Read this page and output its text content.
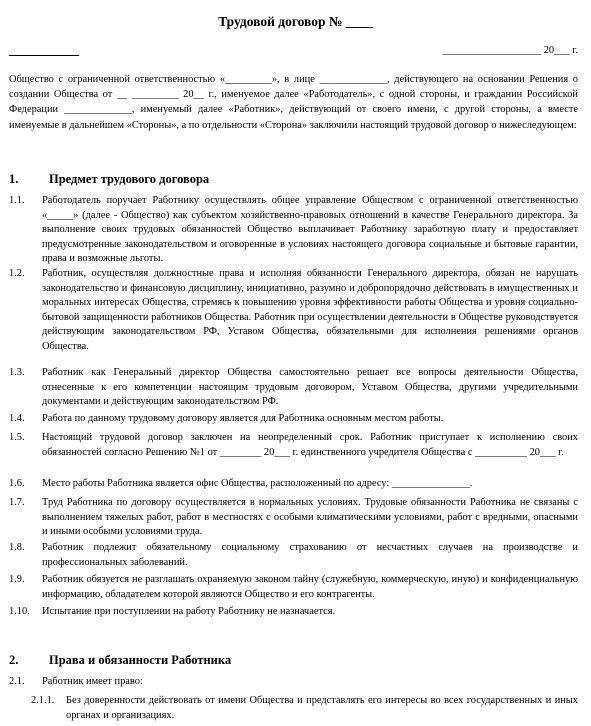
Трудовой договор № ____
___________________ 20___ г.
Общество с ограниченной ответственностью «_________», в лице _____________, действующего на основании Решения о создании Общества от __ _________ 20__ г., именуемое далее «Работодатель», с одной стороны, и гражданин Российской Федерации _____________, именуемый далее «Работник», действующий от своего имени, с другой стороны, а вместе именуемые в дальнейшем «Стороны», а по отдельности «Сторона» заключили настоящий трудовой договор о нижеследующем:
1. Предмет трудового договора
1.1. Работодатель поручает Работнику осуществлять общее управление Обществом с ограниченной ответственностью «_____» (далее - Общество) как субъектом хозяйственно-правовых отношений в качестве Генерального директора. За выполнение своих трудовых обязанностей Общество выплачивает Работнику заработную плату и предоставляет предусмотренные законодательством и оговоренные в условиях настоящего договора социальные и бытовые гарантии, права и возможные льготы.
1.2. Работник, осуществляя должностные права и исполняя обязанности Генерального директора, обязан не нарушать законодательство и финансовую дисциплину, инициативно, разумно и добропорядочно действовать в имущественных и моральных интересах Общества, стремясь к повышению уровня эффективности работы Общества и уровня социально-бытовой защищенности работников Общества. Работник при осуществлении деятельности в Обществе руководствуется действующим законодательством РФ, Уставом Общества, обязательными для исполнения решениями органов Общества.
1.3. Работник как Генеральный директор Общества самостоятельно решает все вопросы деятельности Общества, отнесенные к его компетенции настоящим трудовым договором, Уставом Общества, другими учредительными документами и действующим законодательством РФ.
1.4. Работа по данному трудовому договору является для Работника основным местом работы.
1.5. Настоящий трудовой договор заключен на неопределенный срок. Работник приступает к исполнению своих обязанностей согласно Решению №1 от ________ 20___ г. единственного учредителя Общества с __________ 20___ г.
1.6. Место работы Работника является офис Общества, расположенный по адресу: _______________.
1.7. Труд Работника по договору осуществляется в нормальных условиях. Трудовые обязанности Работника не связаны с выполнением тяжелых работ, работ в местностях с особыми климатическими условиями, работ с вредными, опасными и иными особыми условиями труда.
1.8. Работник подлежит обязательному социальному страхованию от несчастных случаев на производстве и профессиональных заболеваний.
1.9. Работник обязуется не разглашать охраняемую законом тайну (служебную, коммерческую, иную) и конфиденциальную информацию, обладателем которой являются Общество и его контрагенты.
1.10. Испытание при поступлении на работу Работнику не назначается.
2. Права и обязанности Работника
2.1. Работник имеет право:
2.1.1. Без доверенности действовать от имени Общества и представлять его интересы во всех государственных и иных органах и организациях.
